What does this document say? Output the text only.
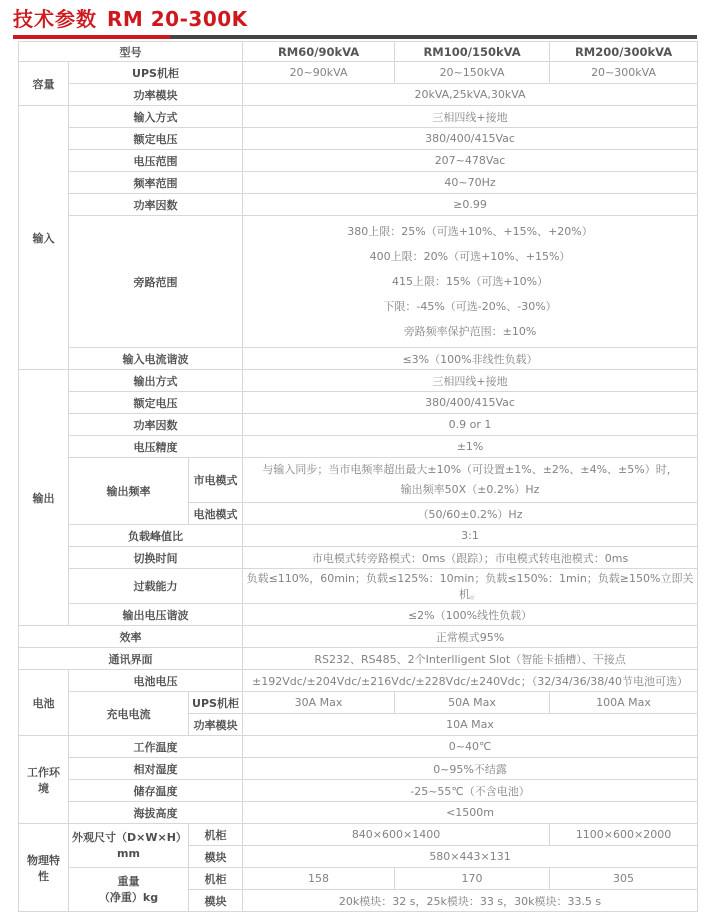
技术参数 RM 20-300K
型号			RM60/90kVA	RM100/150kVA	RM200/300kVA
容量	UPS机柜		20~90kVA	20~150kVA	20~300kVA
	功率模块		20kVA,25kVA,30kVA		
输入	输入方式		三相四线+接地		
	额定电压		380/400/415Vac		
	电压范围		207~478Vac		
	频率范围		40~70Hz		
	功率因数		≥0.99		
	旁路范围		380上限：25%（可选+10%、+15%、+20%）
400上限：20%（可选+10%、+15%）
415上限：15%（可选+10%）
下限：-45%（可选-20%、-30%）
旁路频率保护范围：±10%		

	输入电流谐波		≤3%（100%非线性负载）		
输出	输出方式		三相四线+接地		
	额定电压		380/400/415Vac		
	功率因数		0.9 or 1		
	电压精度		±1%		
	输出频率	市电模式	与输入同步；当市电频率超出最大±10%（可设置±1%、±2%、±4%、±5%）时，
输出频率50X（±0.2%）Hz		

		电池模式	（50/60±0.2%）Hz		
	负载峰值比		3:1		
	切换时间		市电模式转旁路模式：0ms（跟踪）；市电模式转电池模式：0ms		
	过载能力		负载≤110%，60min；负载≤125%：10min；负载≤150%：1min；负载≥150%立即关机。		
	输出电压谐波		≤2%（100%线性负载）		
效率			正常模式95%		
通讯界面			RS232、RS485、2个Interlligent Slot（智能卡插槽）、干接点		
电池	电池电压		±192Vdc/±204Vdc/±216Vdc/±228Vdc/±240Vdc；（32/34/36/38/40节电池可选）		
	充电电流	UPS机柜	30A Max	50A Max	100A Max
		功率模块	10A Max		
工作环境	工作温度		0~40℃		
	相对湿度		0~95%不结露		
	储存温度		-25~55℃（不含电池）		
	海拔高度		<1500m		
物理特性	外观尺寸（D×W×H）
mm	机柜	840×600×1400		1100×600×2000
		模块	580×443×131		

	重量
（净重）kg	机柜	158	170	305
		模块	20k模块：32 s，25k模块：33 s，30k模块：33.5 s		
